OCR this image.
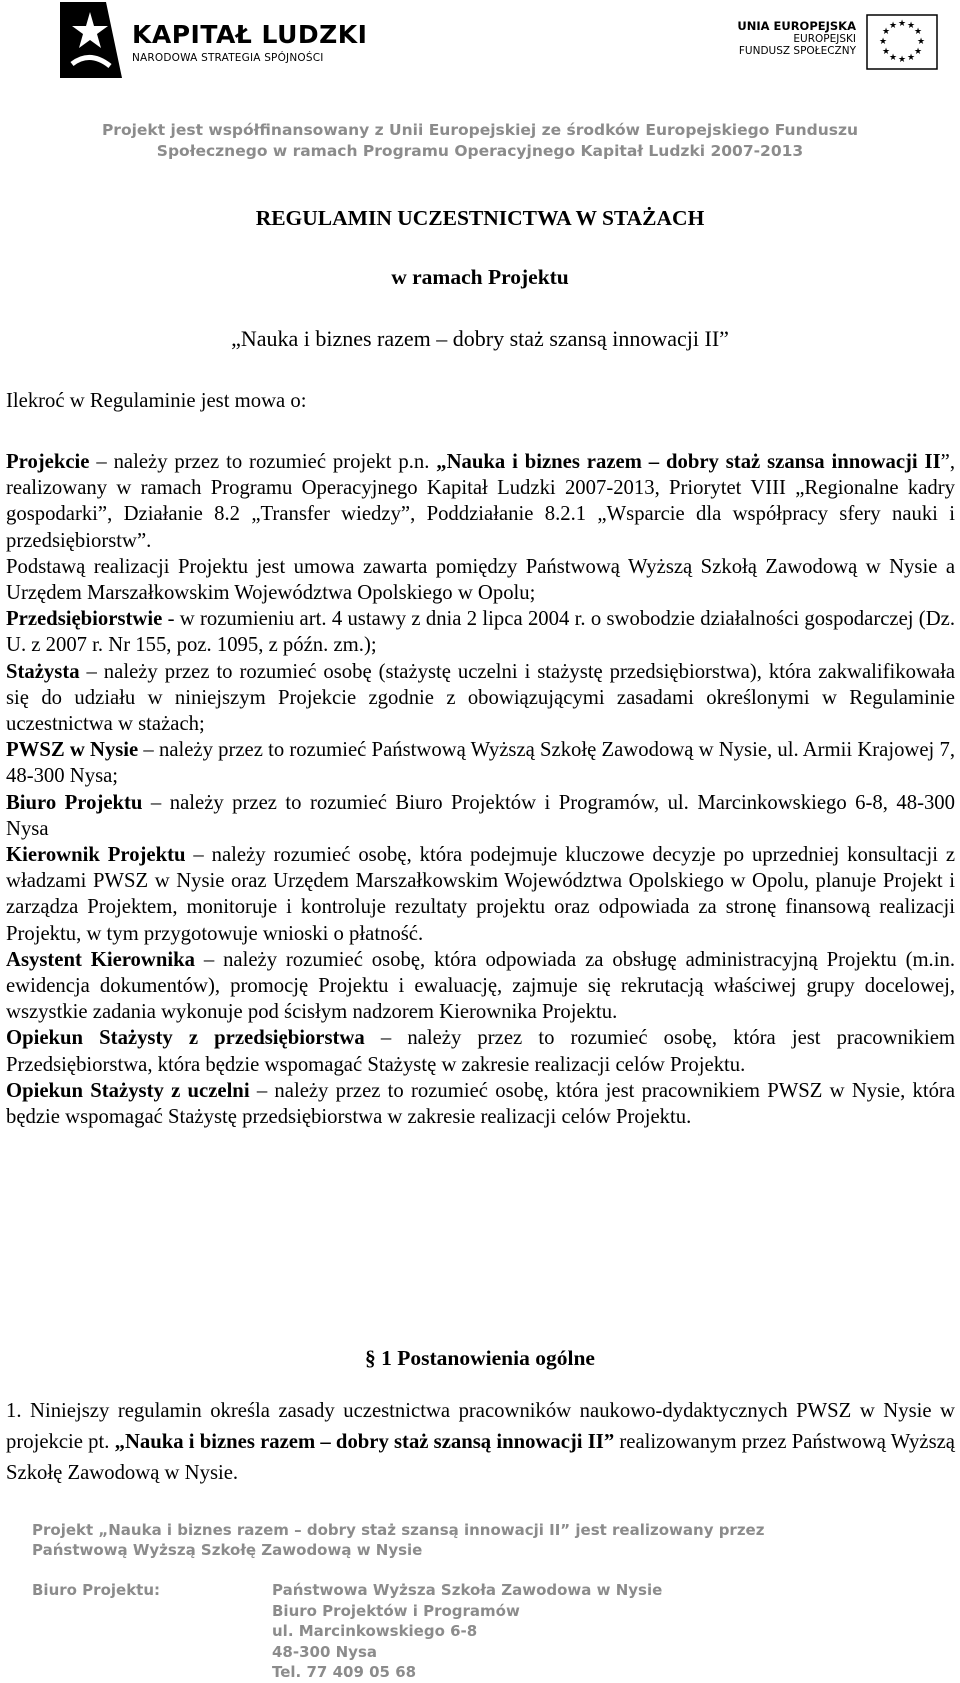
KAPITAŁ LUDZKI
NARODOWA STRATEGIA SPÓJNOŚCI
UNIA EUROPEJSKA
EUROPEJSKI
FUNDUSZ SPOŁECZNY
★ ★
★
★
★
★
★
★
★
★
★
★
Projekt jest współfinansowany z Unii Europejskiej ze środków Europejskiego Funduszu
Społecznego w ramach Programu Operacyjnego Kapitał Ludzki 2007-2013
REGULAMIN UCZESTNICTWA W STAŻACH
w ramach Projektu
„Nauka i biznes razem – dobry staż szansą innowacji II”
Ilekroć w Regulaminie jest mowa o:

Projekcie – należy przez to rozumieć projekt p.n. „Nauka i biznes razem – dobry staż szansa innowacji II”, realizowany w ramach Programu Operacyjnego Kapitał Ludzki 2007-2013, Priorytet VIII „Regionalne kadry gospodarki”, Działanie 8.2 „Transfer wiedzy”, Poddziałanie 8.2.1 „Wsparcie dla współpracy sfery nauki i przedsiębiorstw”.

Podstawą realizacji Projektu jest umowa zawarta pomiędzy Państwową Wyższą Szkołą Zawodową w Nysie a Urzędem Marszałkowskim Województwa Opolskiego w Opolu;

Przedsiębiorstwie - w rozumieniu art. 4 ustawy z dnia 2 lipca 2004 r. o swobodzie działalności gospodarczej (Dz. U. z 2007 r. Nr 155, poz. 1095, z późn. zm.);

Stażysta – należy przez to rozumieć osobę (stażystę uczelni i stażystę przedsiębiorstwa), która zakwalifikowała się do udziału w niniejszym Projekcie zgodnie z obowiązującymi zasadami określonymi w Regulaminie uczestnictwa w stażach;

PWSZ w Nysie – należy przez to rozumieć Państwową Wyższą Szkołę Zawodową w Nysie, ul. Armii Krajowej 7, 48-300 Nysa;

Biuro Projektu – należy przez to rozumieć Biuro Projektów i Programów, ul. Marcinkowskiego 6-8, 48-300 Nysa

Kierownik Projektu – należy rozumieć osobę, która podejmuje kluczowe decyzje po uprzedniej konsultacji z władzami PWSZ w Nysie oraz Urzędem Marszałkowskim Województwa Opolskiego w Opolu, planuje Projekt i zarządza Projektem, monitoruje i kontroluje rezultaty projektu oraz odpowiada za stronę finansową realizacji Projektu, w tym przygotowuje wnioski o płatność.

Asystent Kierownika – należy rozumieć osobę, która odpowiada za obsługę administracyjną Projektu (m.in. ewidencja dokumentów), promocję Projektu i ewaluację, zajmuje się rekrutacją właściwej grupy docelowej, wszystkie zadania wykonuje pod ścisłym nadzorem Kierownika Projektu.

Opiekun Stażysty z przedsiębiorstwa – należy przez to rozumieć osobę, która jest pracownikiem Przedsiębiorstwa, która będzie wspomagać Stażystę w zakresie realizacji celów Projektu.

Opiekun Stażysty z uczelni – należy przez to rozumieć osobę, która jest pracownikiem PWSZ w Nysie, która będzie wspomagać Stażystę przedsiębiorstwa w zakresie realizacji celów Projektu.

§ 1 Postanowienia ogólne

1. Niniejszy regulamin określa zasady uczestnictwa pracowników naukowo-dydaktycznych PWSZ w Nysie w projekcie pt. „Nauka i biznes razem – dobry staż szansą innowacji II” realizowanym przez Państwową Wyższą Szkołę Zawodową w Nysie.

Projekt „Nauka i biznes razem – dobry staż szansą innowacji II” jest realizowany przez
Państwową Wyższą Szkołę Zawodową w Nysie
Biuro Projektu:	Państwowa Wyższa Szkoła Zawodowa w Nysie
Biuro Projektów i Programów
ul. Marcinkowskiego 6-8
48-300 Nysa
Tel. 77 409 05 68
